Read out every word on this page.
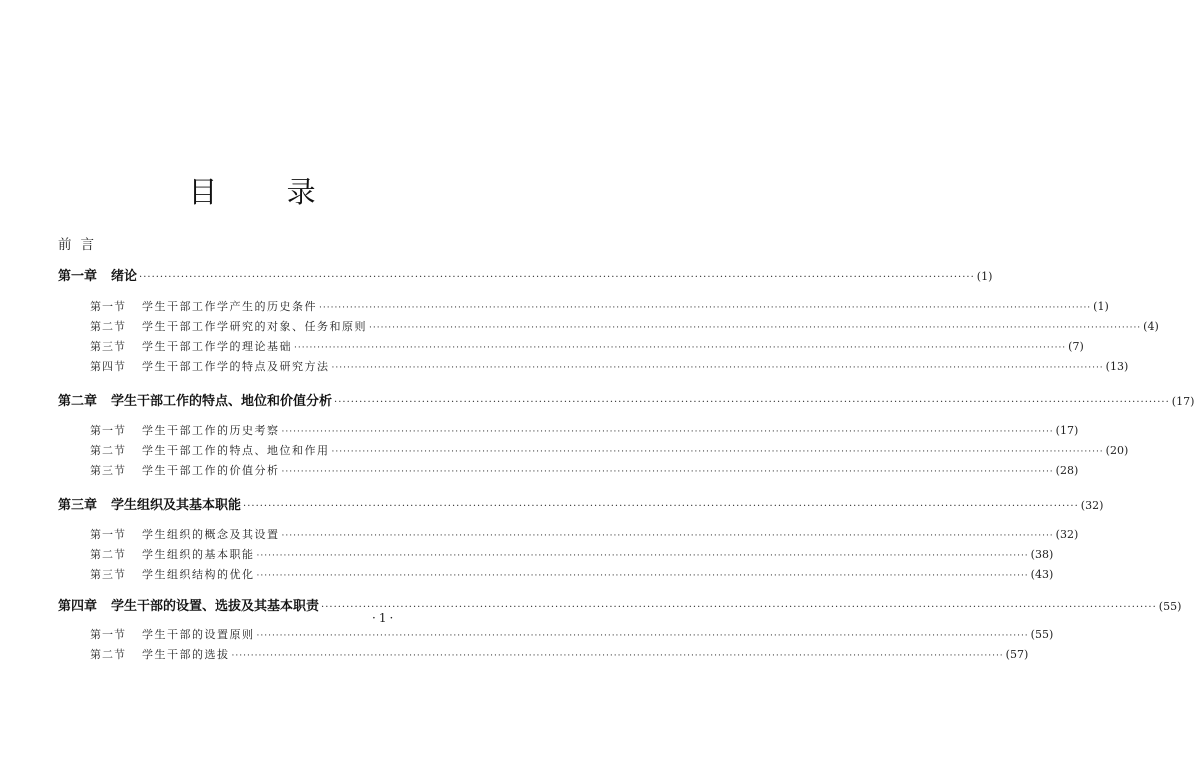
目 录
前言
第一章 绪论 ········································································································································································································ (1)
第一节	学生干部工作学产生的历史条件 ········································································································································································································ (1)
第二节	学生干部工作学研究的对象、任务和原则 ········································································································································································································ (4)
第三节	学生干部工作学的理论基础 ········································································································································································································ (7)
第四节	学生干部工作学的特点及研究方法 ········································································································································································································ (13)
第二章 学生干部工作的特点、地位和价值分析 ········································································································································································································ (17)
第一节	学生干部工作的历史考察 ········································································································································································································ (17)
第二节	学生干部工作的特点、地位和作用 ········································································································································································································ (20)
第三节	学生干部工作的价值分析 ········································································································································································································ (28)
第三章 学生组织及其基本职能 ········································································································································································································ (32)
第一节	学生组织的概念及其设置 ········································································································································································································ (32)
第二节	学生组织的基本职能 ········································································································································································································ (38)
第三节	学生组织结构的优化 ········································································································································································································ (43)
第四章 学生干部的设置、选拔及其基本职责 ········································································································································································································ (55)
第一节	学生干部的设置原则 ········································································································································································································ (55)
第二节	学生干部的选拔 ········································································································································································································ (57)
·1·
